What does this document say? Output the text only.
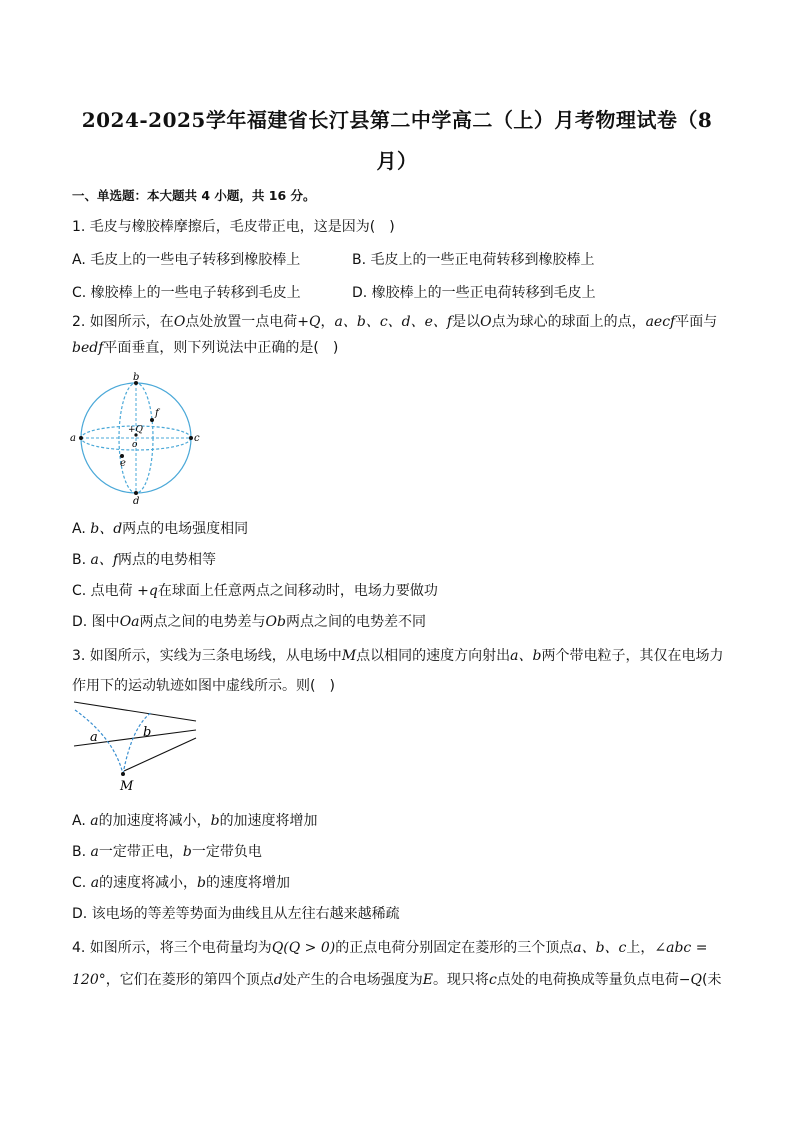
2024-2025学年福建省长汀县第二中学高二（上）月考物理试卷（8
月）
一、单选题：本大题共 4 小题，共 16 分。
1. 毛皮与橡胶棒摩擦后，毛皮带正电，这是因为(　)
A. 毛皮上的一些电子转移到橡胶棒上	B. 毛皮上的一些正电荷转移到橡胶棒上
C. 橡胶棒上的一些电子转移到毛皮上	D. 橡胶棒上的一些正电荷转移到毛皮上
2. 如图所示，在O点处放置一点电荷+Q，a、b、c、d、e、f是以O点为球心的球面上的点，aecf平面与
bedf平面垂直，则下列说法中正确的是(　)
b
d
a	c
e
f
+Q
o
A. b、d两点的电场强度相同
B. a、f两点的电势相等
C. 点电荷 +q在球面上任意两点之间移动时，电场力要做功
D. 图中Oa两点之间的电势差与Ob两点之间的电势差不同
3. 如图所示，实线为三条电场线，从电场中M点以相同的速度方向射出a、b两个带电粒子，其仅在电场力
作用下的运动轨迹如图中虚线所示。则(　)
a	b
M
A. a的加速度将减小，b的加速度将增加
B. a一定带正电，b一定带负电
C. a的速度将减小，b的速度将增加
D. 该电场的等差等势面为曲线且从左往右越来越稀疏
4. 如图所示，将三个电荷量均为Q(Q > 0)的正点电荷分别固定在菱形的三个顶点a、b、c上，∠abc =
120°，它们在菱形的第四个顶点d处产生的合电场强度为E。现只将c点处的电荷换成等量负点电荷−Q(未
